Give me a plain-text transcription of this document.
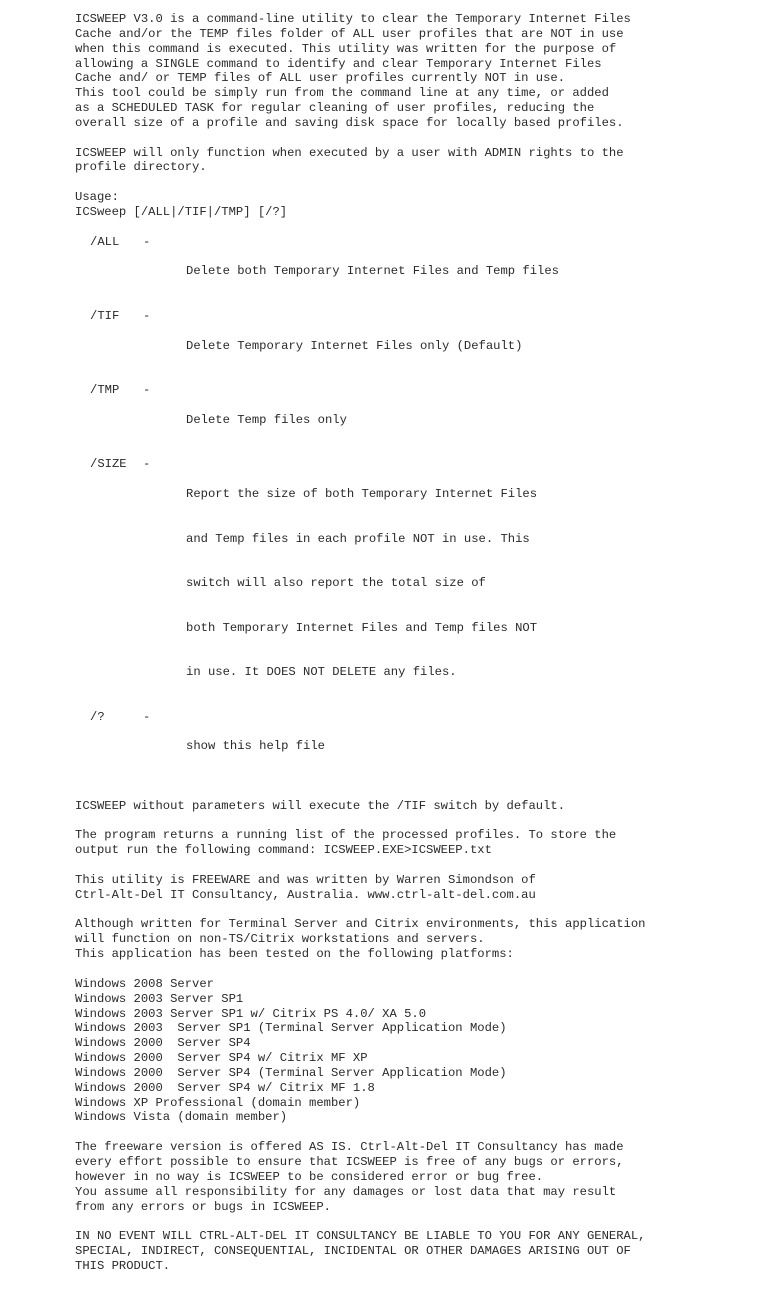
ICSWEEP V3.0 is a command-line utility to clear the Temporary Internet Files
Cache and/or the TEMP files folder of ALL user profiles that are NOT in use
when this command is executed. This utility was written for the purpose of
allowing a SINGLE command to identify and clear Temporary Internet Files
Cache and/ or TEMP files of ALL user profiles currently NOT in use.
This tool could be simply run from the command line at any time, or added
as a SCHEDULED TASK for regular cleaning of user profiles, reducing the
overall size of a profile and saving disk space for locally based profiles.
ICSWEEP will only function when executed by a user with ADMIN rights to the
profile directory.
Usage:
ICSweep [/ALL|/TIF|/TMP] [/?]
/ALL	-

Delete both Temporary Internet Files and Temp files

/TIF	-

Delete Temporary Internet Files only (Default)

/TMP	-

Delete Temp files only

/SIZE	-

Report the size of both Temporary Internet Files

and Temp files in each profile NOT in use. This

switch will also report the total size of

both Temporary Internet Files and Temp files NOT

in use. It DOES NOT DELETE any files.

/?	-

show this help file

ICSWEEP without parameters will execute the /TIF switch by default.
The program returns a running list of the processed profiles. To store the
output run the following command: ICSWEEP.EXE>ICSWEEP.txt
This utility is FREEWARE and was written by Warren Simondson of
Ctrl-Alt-Del IT Consultancy, Australia. www.ctrl-alt-del.com.au
Although written for Terminal Server and Citrix environments, this application
will function on non-TS/Citrix workstations and servers.
This application has been tested on the following platforms:
Windows 2008 Server
Windows 2003 Server SP1
Windows 2003 Server SP1 w/ Citrix PS 4.0/ XA 5.0
Windows 2003  Server SP1 (Terminal Server Application Mode)
Windows 2000  Server SP4
Windows 2000  Server SP4 w/ Citrix MF XP
Windows 2000  Server SP4 (Terminal Server Application Mode)
Windows 2000  Server SP4 w/ Citrix MF 1.8
Windows XP Professional (domain member)
Windows Vista (domain member)
The freeware version is offered AS IS. Ctrl-Alt-Del IT Consultancy has made
every effort possible to ensure that ICSWEEP is free of any bugs or errors,
however in no way is ICSWEEP to be considered error or bug free.
You assume all responsibility for any damages or lost data that may result
from any errors or bugs in ICSWEEP.
IN NO EVENT WILL CTRL-ALT-DEL IT CONSULTANCY BE LIABLE TO YOU FOR ANY GENERAL,
SPECIAL, INDIRECT, CONSEQUENTIAL, INCIDENTAL OR OTHER DAMAGES ARISING OUT OF
THIS PRODUCT.
